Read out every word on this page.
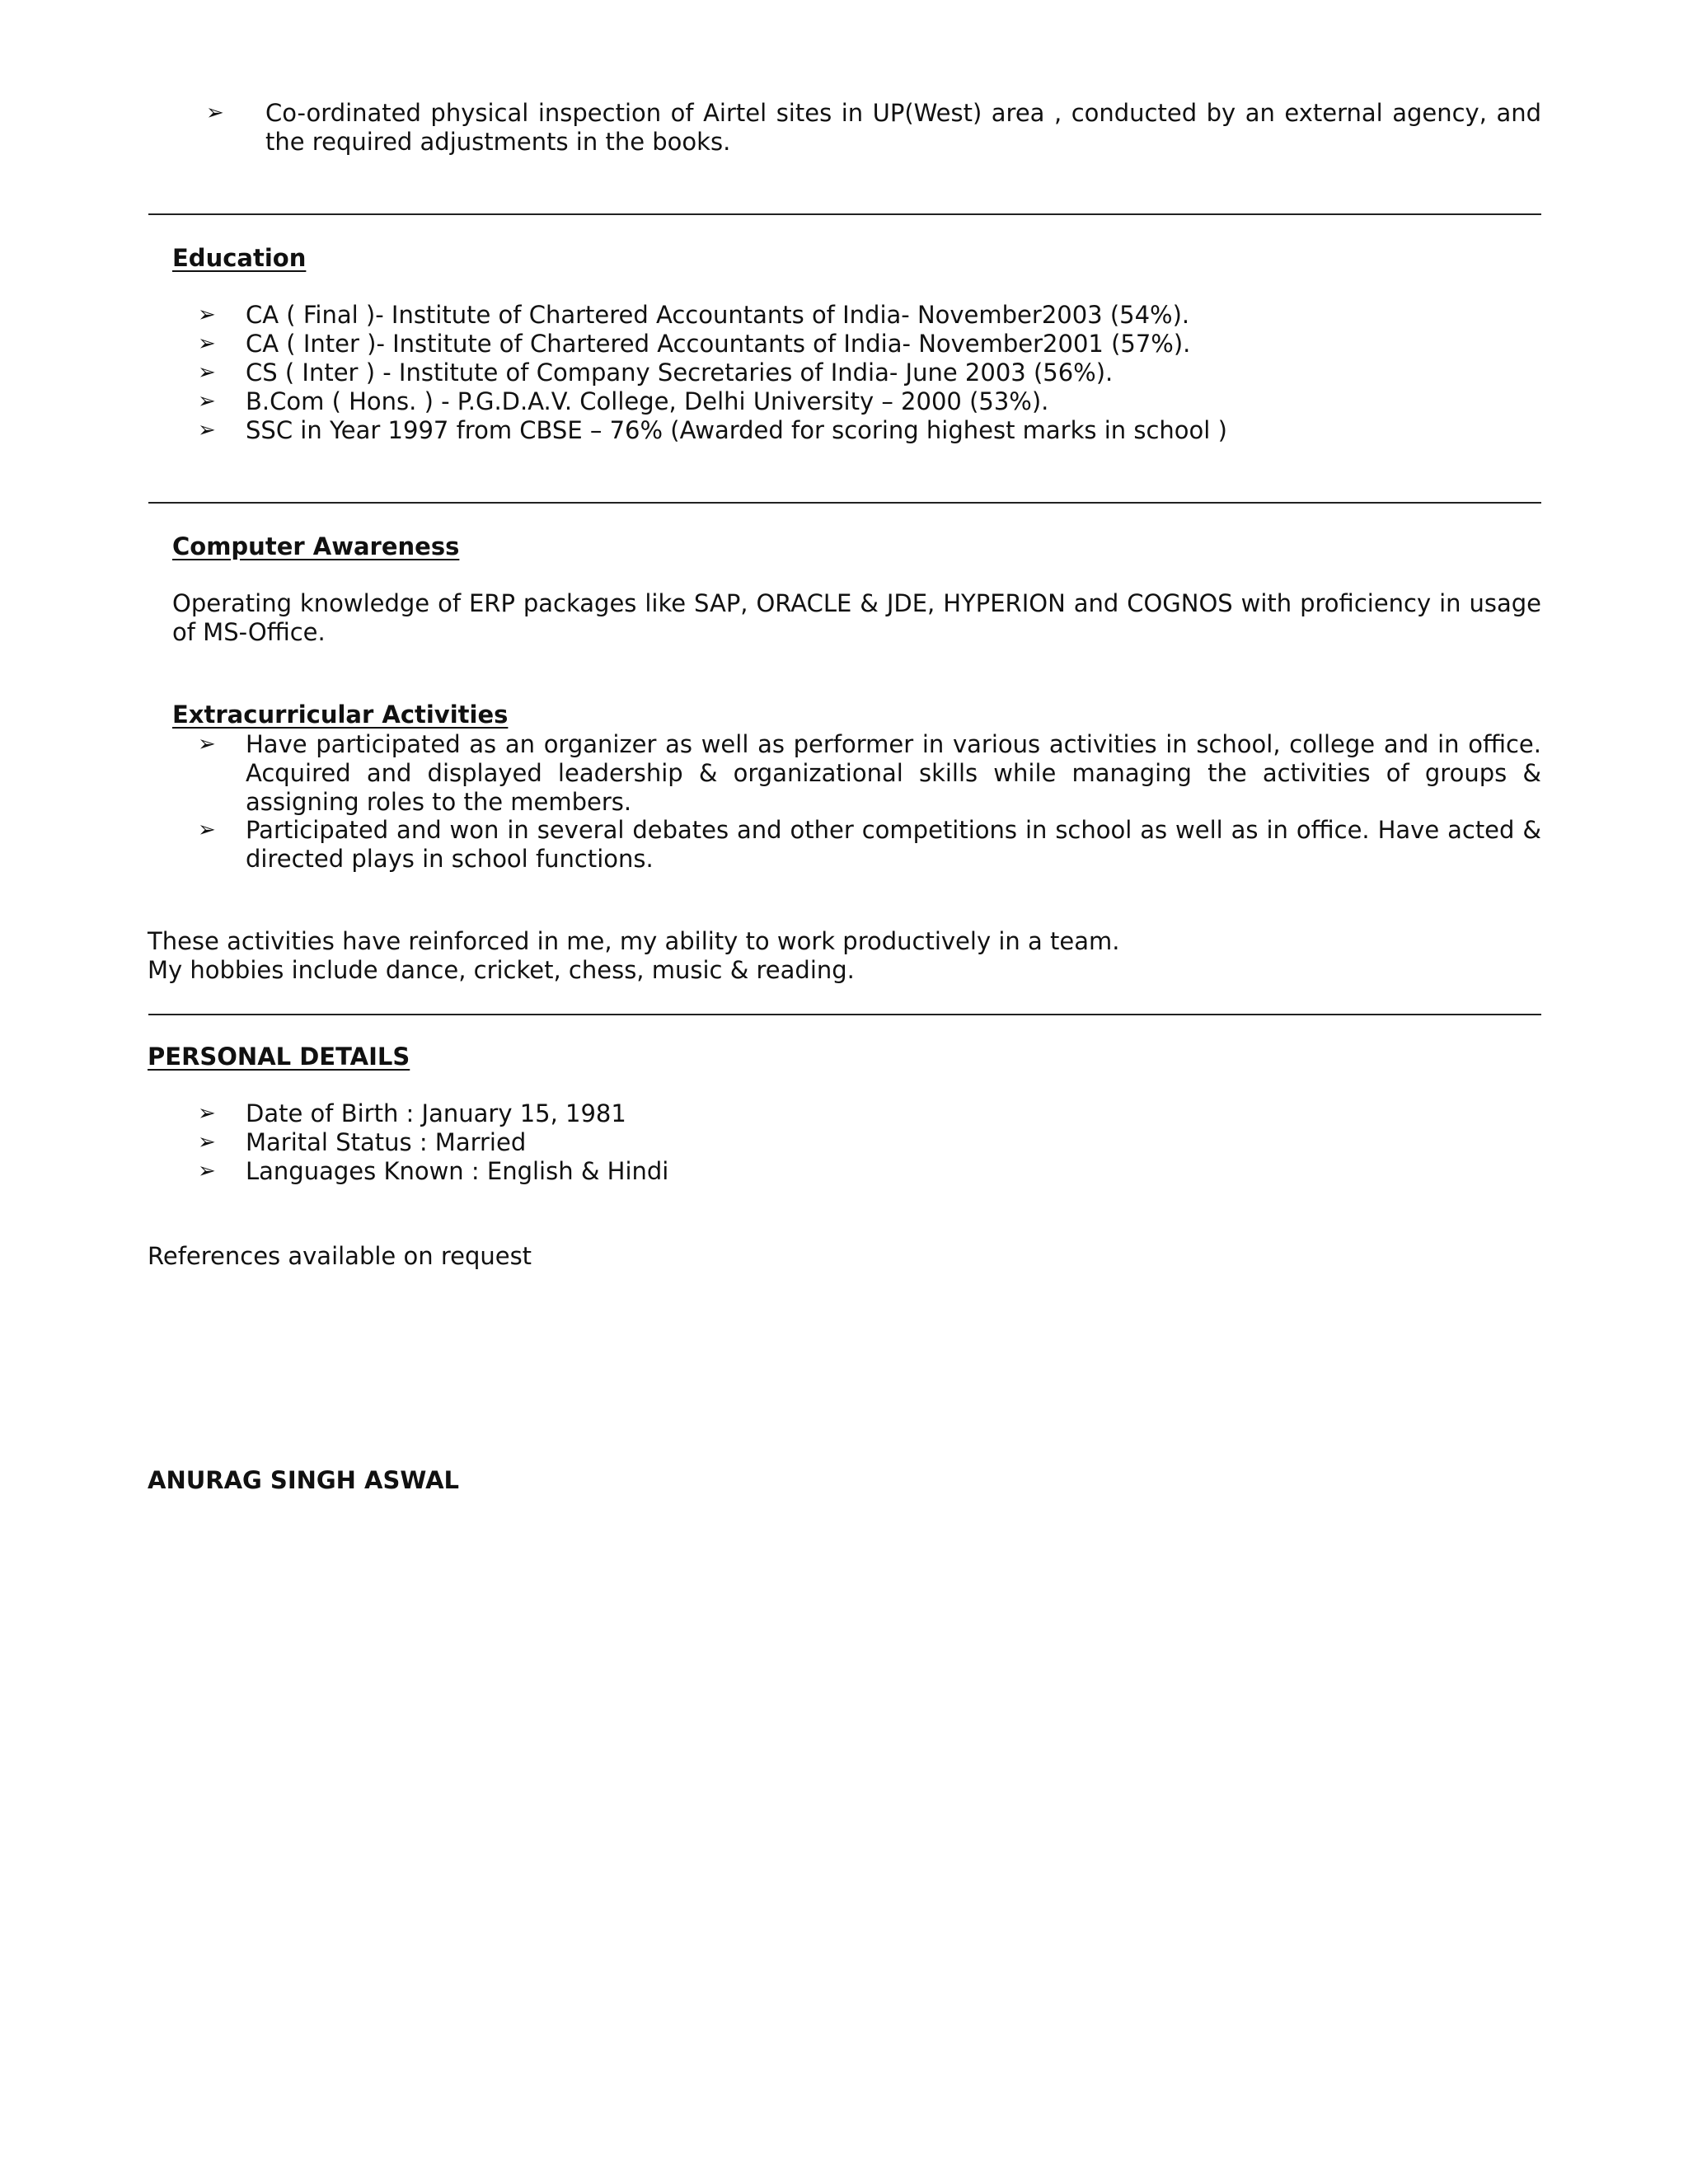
➢ Co-ordinated physical inspection of Airtel sites in UP(West) area , conducted by an external agency, and the required adjustments in the books.
Education
➢ CA ( Final )- Institute of Chartered Accountants of India- November2003 (54%).
➢ CA ( Inter )- Institute of Chartered Accountants of India- November2001 (57%).
➢ CS ( Inter ) - Institute of Company Secretaries of India- June 2003 (56%).
➢ B.Com ( Hons. ) - P.G.D.A.V. College, Delhi University – 2000 (53%).
➢ SSC in Year 1997 from CBSE – 76% (Awarded for scoring highest marks in school )
Computer Awareness
Operating knowledge of ERP packages like SAP, ORACLE & JDE, HYPERION and COGNOS with proficiency in usage of MS-Office.
Extracurricular Activities
➢ Have participated as an organizer as well as performer in various activities in school, college and in office. Acquired and displayed leadership & organizational skills while managing the activities of groups & assigning roles to the members.
➢ Participated and won in several debates and other competitions in school as well as in office. Have acted & directed plays in school functions.
These activities have reinforced in me, my ability to work productively in a team.
My hobbies include dance, cricket, chess, music & reading.
PERSONAL DETAILS
➢ Date of Birth : January 15, 1981
➢ Marital Status : Married
➢ Languages Known : English & Hindi
References available on request
ANURAG SINGH ASWAL
